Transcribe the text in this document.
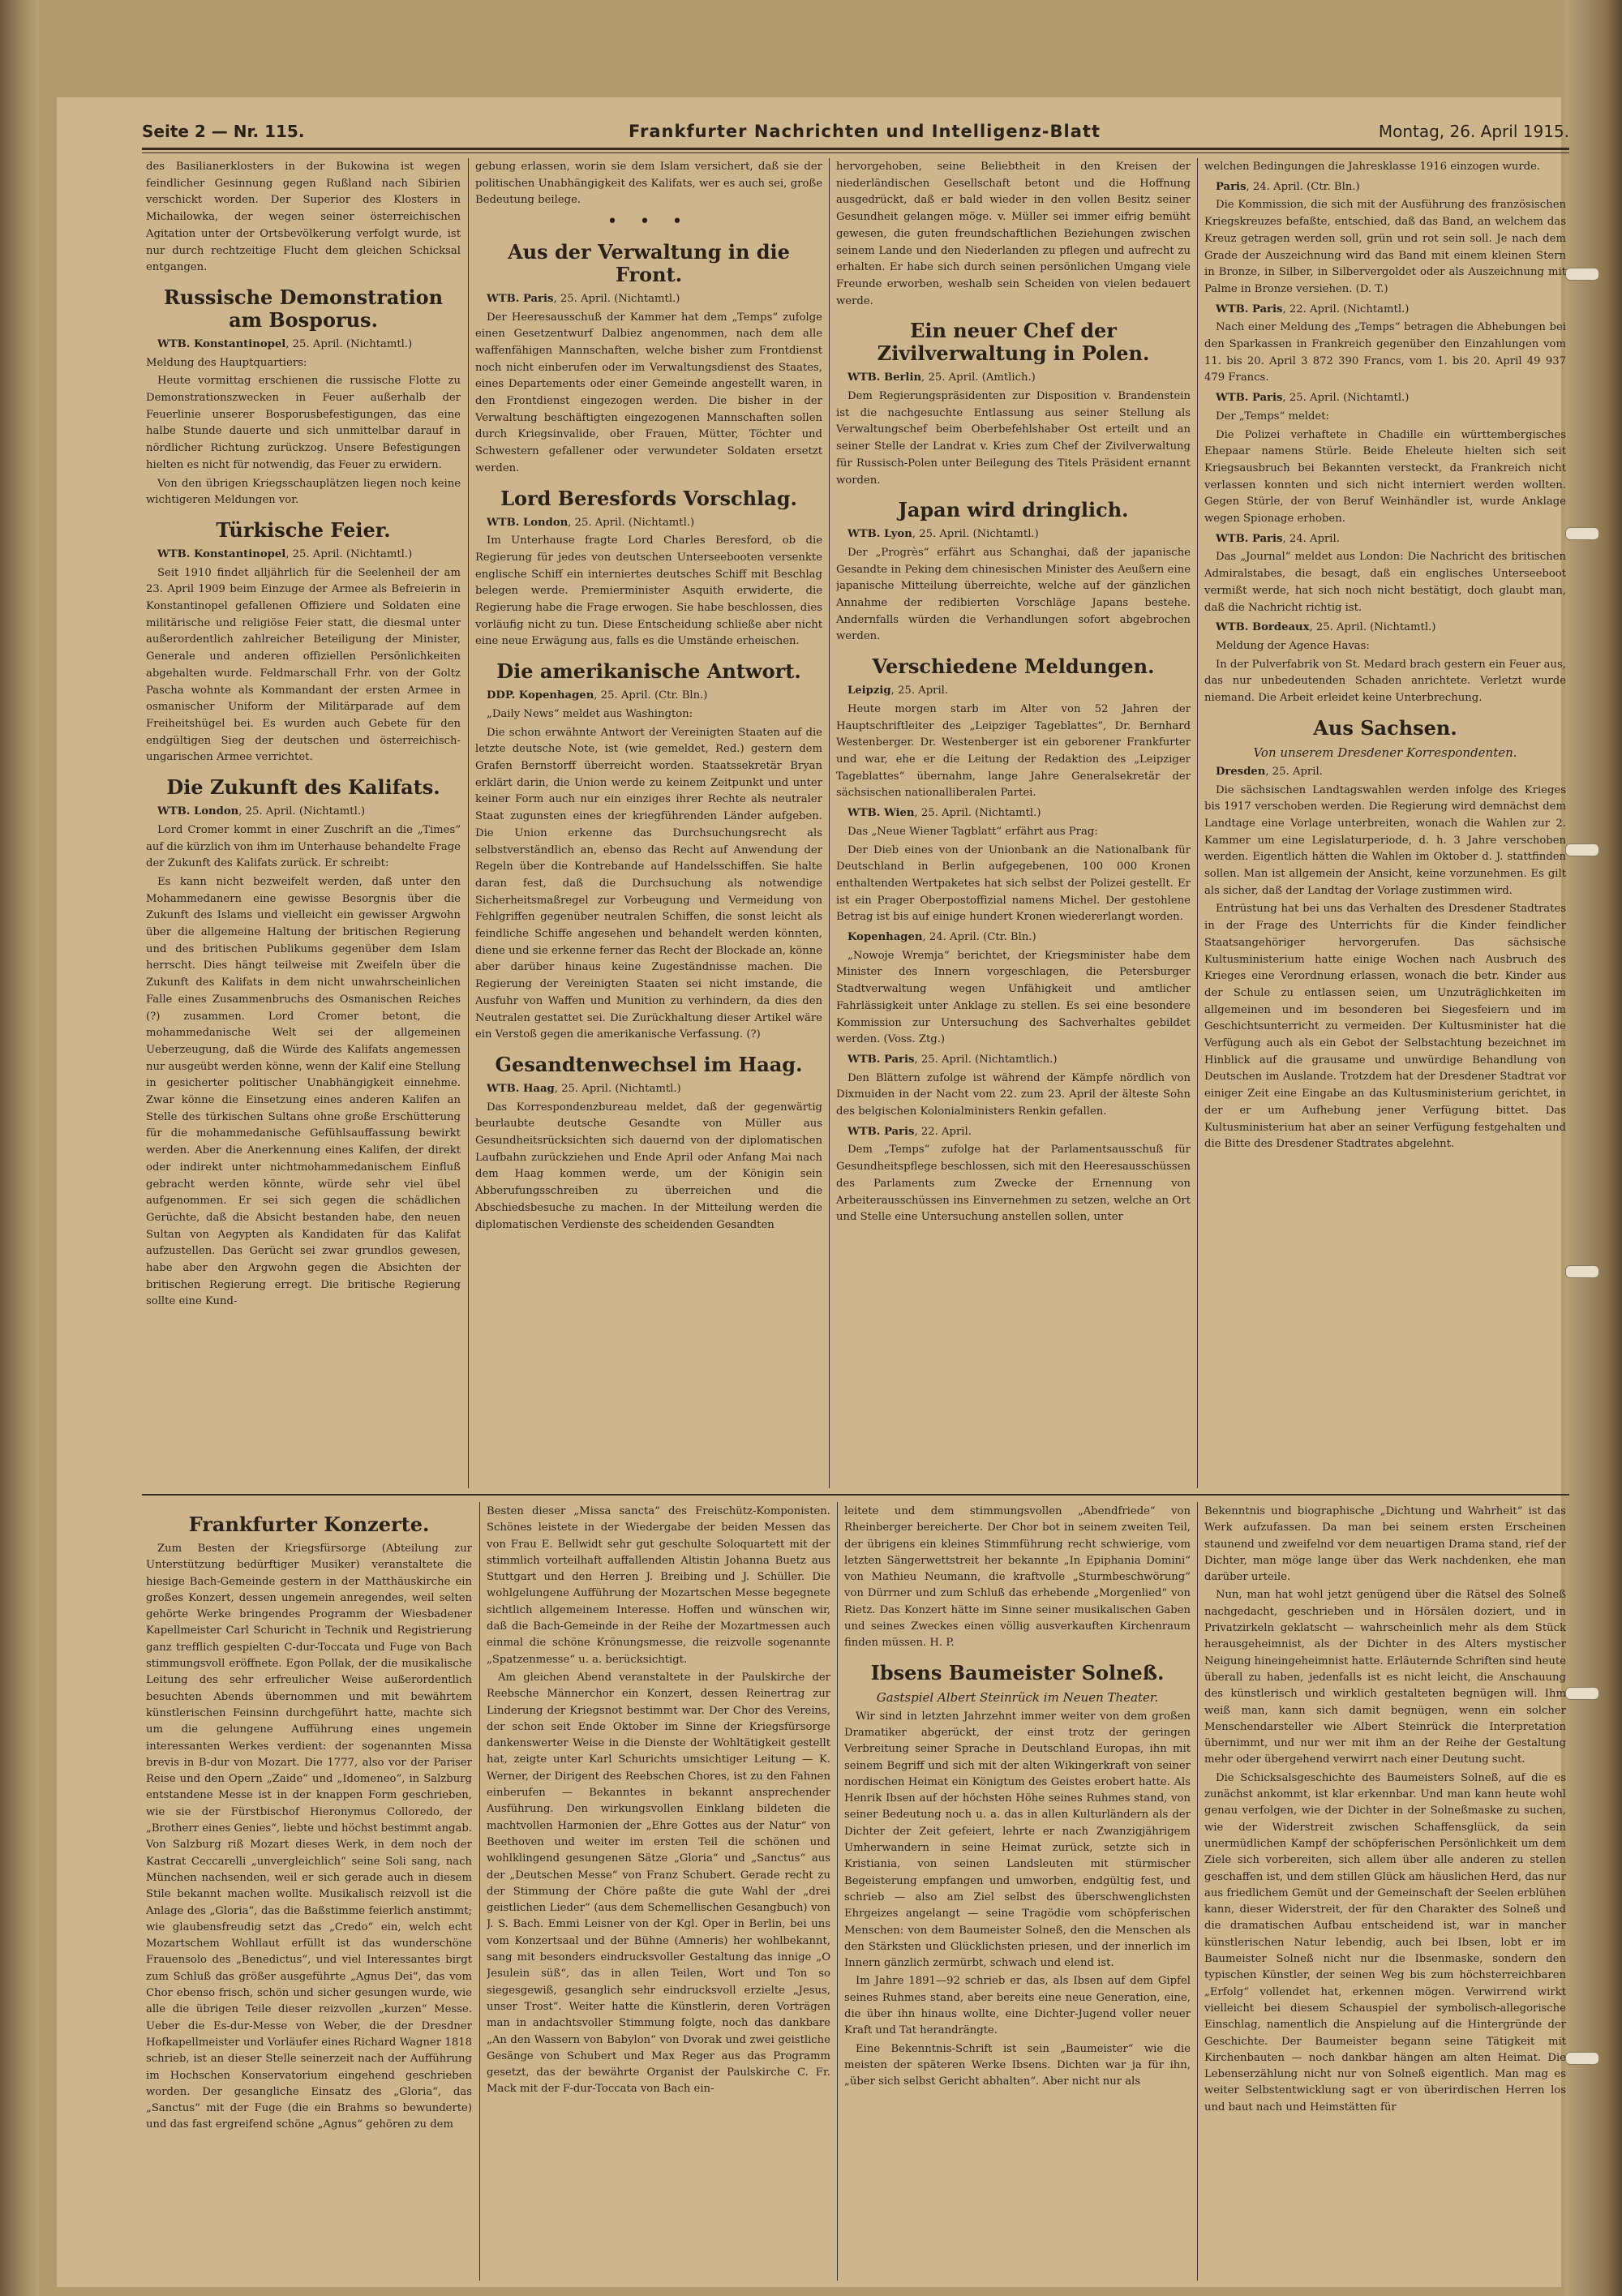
Seite 2 — Nr. 115.	Frankfurter Nachrichten und Intelligenz-Blatt	Montag, 26. April 1915.

des Basilianerklosters in der Bukowina ist wegen feindlicher Gesinnung gegen Rußland nach Sibirien verschickt worden. Der Superior des Klosters in Michailowka, der wegen seiner österreichischen Agitation unter der Ortsbevölkerung verfolgt wurde, ist nur durch rechtzeitige Flucht dem gleichen Schicksal entgangen.

Russische Demonstration am Bosporus.
WTB. Konstantinopel, 25. April. (Nichtamtl.)

Meldung des Hauptquartiers:

Heute vormittag erschienen die russische Flotte zu Demonstrationszwecken in Feuer außerhalb der Feuerlinie unserer Bosporusbefestigungen, das eine halbe Stunde dauerte und sich unmittelbar darauf in nördlicher Richtung zurückzog. Unsere Befestigungen hielten es nicht für notwendig, das Feuer zu erwidern.

Von den übrigen Kriegsschauplätzen liegen noch keine wichtigeren Meldungen vor.

Türkische Feier.
WTB. Konstantinopel, 25. April. (Nichtamtl.)

Seit 1910 findet alljährlich für die Seelenheil der am 23. April 1909 beim Einzuge der Armee als Befreierin in Konstantinopel gefallenen Offiziere und Soldaten eine militärische und religiöse Feier statt, die diesmal unter außerordentlich zahlreicher Beteiligung der Minister, Generale und anderen offiziellen Persönlichkeiten abgehalten wurde. Feldmarschall Frhr. von der Goltz Pascha wohnte als Kommandant der ersten Armee in osmanischer Uniform der Militärparade auf dem Freiheitshügel bei. Es wurden auch Gebete für den endgültigen Sieg der deutschen und österreichisch-ungarischen Armee verrichtet.

Die Zukunft des Kalifats.
WTB. London, 25. April. (Nichtamtl.)

Lord Cromer kommt in einer Zuschrift an die „Times“ auf die kürzlich von ihm im Unterhause behandelte Frage der Zukunft des Kalifats zurück. Er schreibt:

Es kann nicht bezweifelt werden, daß unter den Mohammedanern eine gewisse Besorgnis über die Zukunft des Islams und vielleicht ein gewisser Argwohn über die allgemeine Haltung der britischen Regierung und des britischen Publikums gegenüber dem Islam herrscht. Dies hängt teilweise mit Zweifeln über die Zukunft des Kalifats in dem nicht unwahrscheinlichen Falle eines Zusammenbruchs des Osmanischen Reiches (?) zusammen. Lord Cromer betont, die mohammedanische Welt sei der allgemeinen Ueberzeugung, daß die Würde des Kalifats angemessen nur ausgeübt werden könne, wenn der Kalif eine Stellung in gesicherter politischer Unabhängigkeit einnehme. Zwar könne die Einsetzung eines anderen Kalifen an Stelle des türkischen Sultans ohne große Erschütterung für die mohammedanische Gefühlsauffassung bewirkt werden. Aber die Anerkennung eines Kalifen, der direkt oder indirekt unter nichtmohammedanischem Einfluß gebracht werden könnte, würde sehr viel übel aufgenommen. Er sei sich gegen die schädlichen Gerüchte, daß die Absicht bestanden habe, den neuen Sultan von Aegypten als Kandidaten für das Kalifat aufzustellen. Das Gerücht sei zwar grundlos gewesen, habe aber den Argwohn gegen die Absichten der britischen Regierung erregt. Die britische Regierung sollte eine Kund-

gebung erlassen, worin sie dem Islam versichert, daß sie der politischen Unabhängigkeit des Kalifats, wer es auch sei, große Bedeutung beilege.

• • •
Aus der Verwaltung in die Front.
WTB. Paris, 25. April. (Nichtamtl.)

Der Heeresausschuß der Kammer hat dem „Temps“ zufolge einen Gesetzentwurf Dalbiez angenommen, nach dem alle waffenfähigen Mannschaften, welche bisher zum Frontdienst noch nicht einberufen oder im Verwaltungsdienst des Staates, eines Departements oder einer Gemeinde angestellt waren, in den Frontdienst eingezogen werden. Die bisher in der Verwaltung beschäftigten eingezogenen Mannschaften sollen durch Kriegsinvalide, ober Frauen, Mütter, Töchter und Schwestern gefallener oder verwundeter Soldaten ersetzt werden.

Lord Beresfords Vorschlag.
WTB. London, 25. April. (Nichtamtl.)

Im Unterhause fragte Lord Charles Beresford, ob die Regierung für jedes von deutschen Unterseebooten versenkte englische Schiff ein interniertes deutsches Schiff mit Beschlag belegen werde. Premierminister Asquith erwiderte, die Regierung habe die Frage erwogen. Sie habe beschlossen, dies vorläufig nicht zu tun. Diese Entscheidung schließe aber nicht eine neue Erwägung aus, falls es die Umstände erheischen.

Die amerikanische Antwort.
DDP. Kopenhagen, 25. April. (Ctr. Bln.)

„Daily News“ meldet aus Washington:

Die schon erwähnte Antwort der Vereinigten Staaten auf die letzte deutsche Note, ist (wie gemeldet, Red.) gestern dem Grafen Bernstorff überreicht worden. Staatssekretär Bryan erklärt darin, die Union werde zu keinem Zeitpunkt und unter keiner Form auch nur ein einziges ihrer Rechte als neutraler Staat zugunsten eines der kriegführenden Länder aufgeben. Die Union erkenne das Durchsuchungsrecht als selbstverständlich an, ebenso das Recht auf Anwendung der Regeln über die Kontrebande auf Handelsschiffen. Sie halte daran fest, daß die Durchsuchung als notwendige Sicherheitsmaßregel zur Vorbeugung und Vermeidung von Fehlgriffen gegenüber neutralen Schiffen, die sonst leicht als feindliche Schiffe angesehen und behandelt werden könnten, diene und sie erkenne ferner das Recht der Blockade an, könne aber darüber hinaus keine Zugeständnisse machen. Die Regierung der Vereinigten Staaten sei nicht imstande, die Ausfuhr von Waffen und Munition zu verhindern, da dies den Neutralen gestattet sei. Die Zurückhaltung dieser Artikel wäre ein Verstoß gegen die amerikanische Verfassung. (?)

Gesandtenwechsel im Haag.
WTB. Haag, 25. April. (Nichtamtl.)

Das Korrespondenzbureau meldet, daß der gegenwärtig beurlaubte deutsche Gesandte von Müller aus Gesundheitsrücksichten sich dauernd von der diplomatischen Laufbahn zurückziehen und Ende April oder Anfang Mai nach dem Haag kommen werde, um der Königin sein Abberufungsschreiben zu überreichen und die Abschiedsbesuche zu machen. In der Mitteilung werden die diplomatischen Verdienste des scheidenden Gesandten

hervorgehoben, seine Beliebtheit in den Kreisen der niederländischen Gesellschaft betont und die Hoffnung ausgedrückt, daß er bald wieder in den vollen Besitz seiner Gesundheit gelangen möge. v. Müller sei immer eifrig bemüht gewesen, die guten freundschaftlichen Beziehungen zwischen seinem Lande und den Niederlanden zu pflegen und aufrecht zu erhalten. Er habe sich durch seinen persönlichen Umgang viele Freunde erworben, weshalb sein Scheiden von vielen bedauert werde.

Ein neuer Chef der Zivilverwaltung in Polen.
WTB. Berlin, 25. April. (Amtlich.)

Dem Regierungspräsidenten zur Disposition v. Brandenstein ist die nachgesuchte Entlassung aus seiner Stellung als Verwaltungschef beim Oberbefehlshaber Ost erteilt und an seiner Stelle der Landrat v. Kries zum Chef der Zivilverwaltung für Russisch-Polen unter Beilegung des Titels Präsident ernannt worden.

Japan wird dringlich.
WTB. Lyon, 25. April. (Nichtamtl.)

Der „Progrès“ erfährt aus Schanghai, daß der japanische Gesandte in Peking dem chinesischen Minister des Aeußern eine japanische Mitteilung überreichte, welche auf der gänzlichen Annahme der redibierten Vorschläge Japans bestehe. Andernfalls würden die Verhandlungen sofort abgebrochen werden.

Verschiedene Meldungen.
Leipzig, 25. April.

Heute morgen starb im Alter von 52 Jahren der Hauptschriftleiter des „Leipziger Tageblattes“, Dr. Bernhard Westenberger. Dr. Westenberger ist ein geborener Frankfurter und war, ehe er die Leitung der Redaktion des „Leipziger Tageblattes“ übernahm, lange Jahre Generalsekretär der sächsischen nationalliberalen Partei.

WTB. Wien, 25. April. (Nichtamtl.)

Das „Neue Wiener Tagblatt“ erfährt aus Prag:

Der Dieb eines von der Unionbank an die Nationalbank für Deutschland in Berlin aufgegebenen, 100 000 Kronen enthaltenden Wertpaketes hat sich selbst der Polizei gestellt. Er ist ein Prager Oberpostoffizial namens Michel. Der gestohlene Betrag ist bis auf einige hundert Kronen wiedererlangt worden.

Kopenhagen, 24. April. (Ctr. Bln.)

„Nowoje Wremja“ berichtet, der Kriegsminister habe dem Minister des Innern vorgeschlagen, die Petersburger Stadtverwaltung wegen Unfähigkeit und amtlicher Fahrlässigkeit unter Anklage zu stellen. Es sei eine besondere Kommission zur Untersuchung des Sachverhaltes gebildet werden. (Voss. Ztg.)

WTB. Paris, 25. April. (Nichtamtlich.)

Den Blättern zufolge ist während der Kämpfe nördlich von Dixmuiden in der Nacht vom 22. zum 23. April der älteste Sohn des belgischen Kolonialministers Renkin gefallen.

WTB. Paris, 22. April.

Dem „Temps“ zufolge hat der Parlamentsausschuß für Gesundheitspflege beschlossen, sich mit den Heeresausschüssen des Parlaments zum Zwecke der Ernennung von Arbeiterausschüssen ins Einvernehmen zu setzen, welche an Ort und Stelle eine Untersuchung anstellen sollen, unter

welchen Bedingungen die Jahresklasse 1916 einzogen wurde.

Paris, 24. April. (Ctr. Bln.)

Die Kommission, die sich mit der Ausführung des französischen Kriegskreuzes befaßte, entschied, daß das Band, an welchem das Kreuz getragen werden soll, grün und rot sein soll. Je nach dem Grade der Auszeichnung wird das Band mit einem kleinen Stern in Bronze, in Silber, in Silbervergoldet oder als Auszeichnung mit Palme in Bronze versiehen. (D. T.)

WTB. Paris, 22. April. (Nichtamtl.)

Nach einer Meldung des „Temps“ betragen die Abhebungen bei den Sparkassen in Frankreich gegenüber den Einzahlungen vom 11. bis 20. April 3 872 390 Francs, vom 1. bis 20. April 49 937 479 Francs.

WTB. Paris, 25. April. (Nichtamtl.)

Der „Temps“ meldet:

Die Polizei verhaftete in Chadille ein württembergisches Ehepaar namens Stürle. Beide Eheleute hielten sich seit Kriegsausbruch bei Bekannten versteckt, da Frankreich nicht verlassen konnten und sich nicht interniert werden wollten. Gegen Stürle, der von Beruf Weinhändler ist, wurde Anklage wegen Spionage erhoben.

WTB. Paris, 24. April.

Das „Journal“ meldet aus London: Die Nachricht des britischen Admiralstabes, die besagt, daß ein englisches Unterseeboot vermißt werde, hat sich noch nicht bestätigt, doch glaubt man, daß die Nachricht richtig ist.

WTB. Bordeaux, 25. April. (Nichtamtl.)

Meldung der Agence Havas:

In der Pulverfabrik von St. Medard brach gestern ein Feuer aus, das nur unbedeutenden Schaden anrichtete. Verletzt wurde niemand. Die Arbeit erleidet keine Unterbrechung.

Aus Sachsen.
Von unserem Dresdener Korrespondenten.
Dresden, 25. April.

Die sächsischen Landtagswahlen werden infolge des Krieges bis 1917 verschoben werden. Die Regierung wird demnächst dem Landtage eine Vorlage unterbreiten, wonach die Wahlen zur 2. Kammer um eine Legislaturperiode, d. h. 3 Jahre verschoben werden. Eigentlich hätten die Wahlen im Oktober d. J. stattfinden sollen. Man ist allgemein der Ansicht, keine vorzunehmen. Es gilt als sicher, daß der Landtag der Vorlage zustimmen wird.

Entrüstung hat bei uns das Verhalten des Dresdener Stadtrates in der Frage des Unterrichts für die Kinder feindlicher Staatsangehöriger hervorgerufen. Das sächsische Kultusministerium hatte einige Wochen nach Ausbruch des Krieges eine Verordnung erlassen, wonach die betr. Kinder aus der Schule zu entlassen seien, um Unzuträglichkeiten im allgemeinen und im besonderen bei Siegesfeiern und im Geschichtsunterricht zu vermeiden. Der Kultusminister hat die Verfügung auch als ein Gebot der Selbstachtung bezeichnet im Hinblick auf die grausame und unwürdige Behandlung von Deutschen im Auslande. Trotzdem hat der Dresdener Stadtrat vor einiger Zeit eine Eingabe an das Kultusministerium gerichtet, in der er um Aufhebung jener Verfügung bittet. Das Kultusministerium hat aber an seiner Verfügung festgehalten und die Bitte des Dresdener Stadtrates abgelehnt.

Frankfurter Konzerte.

Zum Besten der Kriegsfürsorge (Abteilung zur Unterstützung bedürftiger Musiker) veranstaltete die hiesige Bach-Gemeinde gestern in der Matthäuskirche ein großes Konzert, dessen ungemein anregendes, weil selten gehörte Werke bringendes Programm der Wiesbadener Kapellmeister Carl Schuricht in Technik und Registrierung ganz trefflich gespielten C-dur-Toccata und Fuge von Bach stimmungsvoll eröffnete. Egon Pollak, der die musikalische Leitung des sehr erfreulicher Weise außerordentlich besuchten Abends übernommen und mit bewährtem künstlerischen Feinsinn durchgeführt hatte, machte sich um die gelungene Aufführung eines ungemein interessanten Werkes verdient: der sogenannten Missa brevis in B-dur von Mozart. Die 1777, also vor der Pariser Reise und den Opern „Zaide“ und „Idomeneo“, in Salzburg entstandene Messe ist in der knappen Form geschrieben, wie sie der Fürstbischof Hieronymus Colloredo, der „Brotherr eines Genies“, liebte und höchst bestimmt angab. Von Salzburg riß Mozart dieses Werk, in dem noch der Kastrat Ceccarelli „unvergleichlich“ seine Soli sang, nach München nachsenden, weil er sich gerade auch in diesem Stile bekannt machen wollte. Musikalisch reizvoll ist die Anlage des „Gloria“, das die Baßstimme feierlich anstimmt; wie glaubensfreudig setzt das „Credo“ ein, welch echt Mozartschem Wohllaut erfüllt ist das wunderschöne Frauensolo des „Benedictus“, und viel Interessantes birgt zum Schluß das größer ausgeführte „Agnus Dei“, das vom Chor ebenso frisch, schön und sicher gesungen wurde, wie alle die übrigen Teile dieser reizvollen „kurzen“ Messe. Ueber die Es-dur-Messe von Weber, die der Dresdner Hofkapellmeister und Vorläufer eines Richard Wagner 1818 schrieb, ist an dieser Stelle seinerzeit nach der Aufführung im Hochschen Konservatorium eingehend geschrieben worden. Der gesangliche Einsatz des „Gloria“, das „Sanctus“ mit der Fuge (die ein Brahms so bewunderte) und das fast ergreifend schöne „Agnus“ gehören zu dem

Besten dieser „Missa sancta“ des Freischütz-Komponisten. Schönes leistete in der Wiedergabe der beiden Messen das von Frau E. Bellwidt sehr gut geschulte Soloquartett mit der stimmlich vorteilhaft auffallenden Altistin Johanna Buetz aus Stuttgart und den Herren J. Breibing und J. Schüller. Die wohlgelungene Aufführung der Mozartschen Messe begegnete sichtlich allgemeinem Interesse. Hoffen und wünschen wir, daß die Bach-Gemeinde in der Reihe der Mozartmessen auch einmal die schöne Krönungsmesse, die reizvolle sogenannte „Spatzenmesse“ u. a. berücksichtigt.

Am gleichen Abend veranstaltete in der Paulskirche der Reebsche Männerchor ein Konzert, dessen Reinertrag zur Linderung der Kriegsnot bestimmt war. Der Chor des Vereins, der schon seit Ende Oktober im Sinne der Kriegsfürsorge dankenswerter Weise in die Dienste der Wohltätigkeit gestellt hat, zeigte unter Karl Schurichts umsichtiger Leitung — K. Werner, der Dirigent des Reebschen Chores, ist zu den Fahnen einberufen — Bekanntes in bekannt ansprechender Ausführung. Den wirkungsvollen Einklang bildeten die machtvollen Harmonien der „Ehre Gottes aus der Natur“ von Beethoven und weiter im ersten Teil die schönen und wohlklingend gesungenen Sätze „Gloria“ und „Sanctus“ aus der „Deutschen Messe“ von Franz Schubert. Gerade recht zu der Stimmung der Chöre paßte die gute Wahl der „drei geistlichen Lieder“ (aus dem Schemellischen Gesangbuch) von J. S. Bach. Emmi Leisner von der Kgl. Oper in Berlin, bei uns vom Konzertsaal und der Bühne (Amneris) her wohlbekannt, sang mit besonders eindrucksvoller Gestaltung das innige „O Jesulein süß“, das in allen Teilen, Wort und Ton so siegesgewiß, gesanglich sehr eindrucksvoll erzielte „Jesus, unser Trost“. Weiter hatte die Künstlerin, deren Vorträgen man in andachtsvoller Stimmung folgte, noch das dankbare „An den Wassern von Babylon“ von Dvorak und zwei geistliche Gesänge von Schubert und Max Reger aus das Programm gesetzt, das der bewährte Organist der Paulskirche C. Fr. Mack mit der F-dur-Toccata von Bach ein-

leitete und dem stimmungsvollen „Abendfriede“ von Rheinberger bereicherte. Der Chor bot in seinem zweiten Teil, der übrigens ein kleines Stimmführung recht schwierige, vom letzten Sängerwettstreit her bekannte „In Epiphania Domini“ von Mathieu Neumann, die kraftvolle „Sturmbeschwörung“ von Dürrner und zum Schluß das erhebende „Morgenlied“ von Rietz. Das Konzert hätte im Sinne seiner musikalischen Gaben und seines Zweckes einen völlig ausverkauften Kirchenraum finden müssen. H. P.

Ibsens Baumeister Solneß.
Gastspiel Albert Steinrück im Neuen Theater.

Wir sind in letzten Jahrzehnt immer weiter von dem großen Dramatiker abgerückt, der einst trotz der geringen Verbreitung seiner Sprache in Deutschland Europas, ihn mit seinem Begriff und sich mit der alten Wikingerkraft von seiner nordischen Heimat ein Königtum des Geistes erobert hatte. Als Henrik Ibsen auf der höchsten Höhe seines Ruhmes stand, von seiner Bedeutung noch u. a. das in allen Kulturländern als der Dichter der Zeit gefeiert, lehrte er nach Zwanzigjährigem Umherwandern in seine Heimat zurück, setzte sich in Kristiania, von seinen Landsleuten mit stürmischer Begeisterung empfangen und umworben, endgültig fest, und schrieb — also am Ziel selbst des überschwenglichsten Ehrgeizes angelangt — seine Tragödie vom schöpferischen Menschen: von dem Baumeister Solneß, den die Menschen als den Stärksten und Glücklichsten priesen, und der innerlich im Innern gänzlich zermürbt, schwach und elend ist.

Im Jahre 1891—92 schrieb er das, als Ibsen auf dem Gipfel seines Ruhmes stand, aber bereits eine neue Generation, eine, die über ihn hinaus wollte, eine Dichter-Jugend voller neuer Kraft und Tat herandrängte.

Eine Bekenntnis-Schrift ist sein „Baumeister“ wie die meisten der späteren Werke Ibsens. Dichten war ja für ihn, „über sich selbst Gericht abhalten“. Aber nicht nur als

Bekenntnis und biographische „Dichtung und Wahrheit“ ist das Werk aufzufassen. Da man bei seinem ersten Erscheinen staunend und zweifelnd vor dem neuartigen Drama stand, rief der Dichter, man möge lange über das Werk nachdenken, ehe man darüber urteile.

Nun, man hat wohl jetzt genügend über die Rätsel des Solneß nachgedacht, geschrieben und in Hörsälen doziert, und in Privatzirkeln geklatscht — wahrscheinlich mehr als dem Stück herausgeheimnist, als der Dichter in des Alters mystischer Neigung hineingeheimnist hatte. Erläuternde Schriften sind heute überall zu haben, jedenfalls ist es nicht leicht, die Anschauung des künstlerisch und wirklich gestalteten begnügen will. Ihm weiß man, kann sich damit begnügen, wenn ein solcher Menschendarsteller wie Albert Steinrück die Interpretation übernimmt, und nur wer mit ihm an der Reihe der Gestaltung mehr oder übergehend verwirrt nach einer Deutung sucht.

Die Schicksalsgeschichte des Baumeisters Solneß, auf die es zunächst ankommt, ist klar erkennbar. Und man kann heute wohl genau verfolgen, wie der Dichter in der Solneßmaske zu suchen, wie der Widerstreit zwischen Schaffensglück, da sein unermüdlichen Kampf der schöpferischen Persönlichkeit um dem Ziele sich vorbereiten, sich allem über alle anderen zu stellen geschaffen ist, und dem stillen Glück am häuslichen Herd, das nur aus friedlichem Gemüt und der Gemeinschaft der Seelen erblühen kann, dieser Widerstreit, der für den Charakter des Solneß und die dramatischen Aufbau entscheidend ist, war in mancher künstlerischen Natur lebendig, auch bei Ibsen, lobt er im Baumeister Solneß nicht nur die Ibsenmaske, sondern den typischen Künstler, der seinen Weg bis zum höchsterreichbaren „Erfolg“ vollendet hat, erkennen mögen. Verwirrend wirkt vielleicht bei diesem Schauspiel der symbolisch-allegorische Einschlag, namentlich die Anspielung auf die Hintergründe der Geschichte. Der Baumeister begann seine Tätigkeit mit Kirchenbauten — noch dankbar hängen am alten Heimat. Die Lebenserzählung nicht nur von Solneß eigentlich. Man mag es weiter Selbstentwicklung sagt er von überirdischen Herren los und baut nach und Heimstätten für
